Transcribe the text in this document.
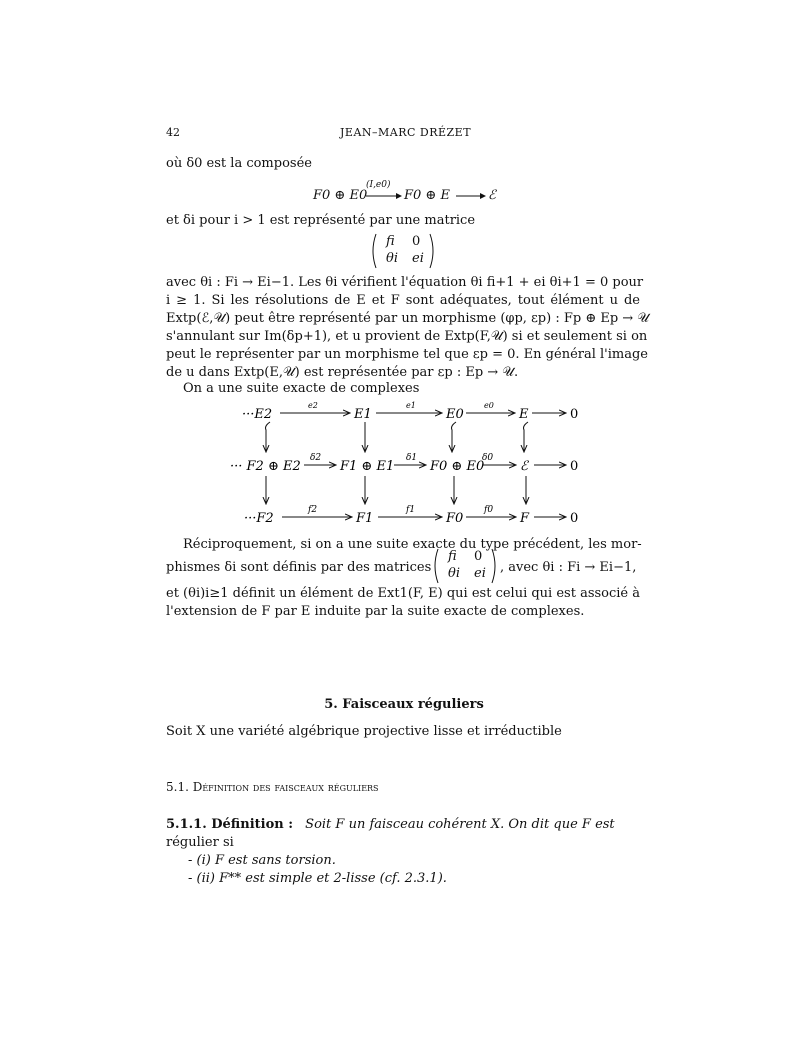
42	JEAN–MARC DRÉZET
où δ0 est la composée
F0 ⊕ E0
(I,e0)
F0 ⊕ E	ℰ
et δi pour i > 1 est représenté par une matrice
fi 0
θi ei
avec θi : Fi → Ei−1. Les θi vérifient l'équation θi fi+1 + ei θi+1 = 0 pour
i ≥ 1. Si les résolutions de E et F sont adéquates, tout élément u de
Extp(ℰ,𝒰) peut être représenté par un morphisme (φp, εp) : Fp ⊕ Ep → 𝒰
s'annulant sur Im(δp+1), et u provient de Extp(F,𝒰) si et seulement si on
peut le représenter par un morphisme tel que εp = 0. En général l'image
de u dans Extp(E,𝒰) est représentée par εp : Ep → 𝒰.
On a une suite exacte de complexes
···E2	E1	E0	E	0
e2	e1	e0
··· F2 ⊕ E2	F1 ⊕ E1	F0 ⊕ E0	ℰ	0
δ2	δ1	δ0
···F2	F1	F0	F	0
f2	f1	f0
Réciproquement, si on a une suite exacte du type précédent, les mor-
phismes δi sont définis par des matrices
fi 0
θi ei , avec θi : Fi → Ei−1,
et (θi)i≥1 définit un élément de Ext1(F, E) qui est celui qui est associé à
l'extension de F par E induite par la suite exacte de complexes.
5. Faisceaux réguliers
Soit X une variété algébrique projective lisse et irréductible
5.1. Définition des faisceaux réguliers
5.1.1. Définition : Soit F un faisceau cohérent X. On dit que F est
régulier si
- (i) F est sans torsion.
- (ii) F** est simple et 2-lisse (cf. 2.3.1).
